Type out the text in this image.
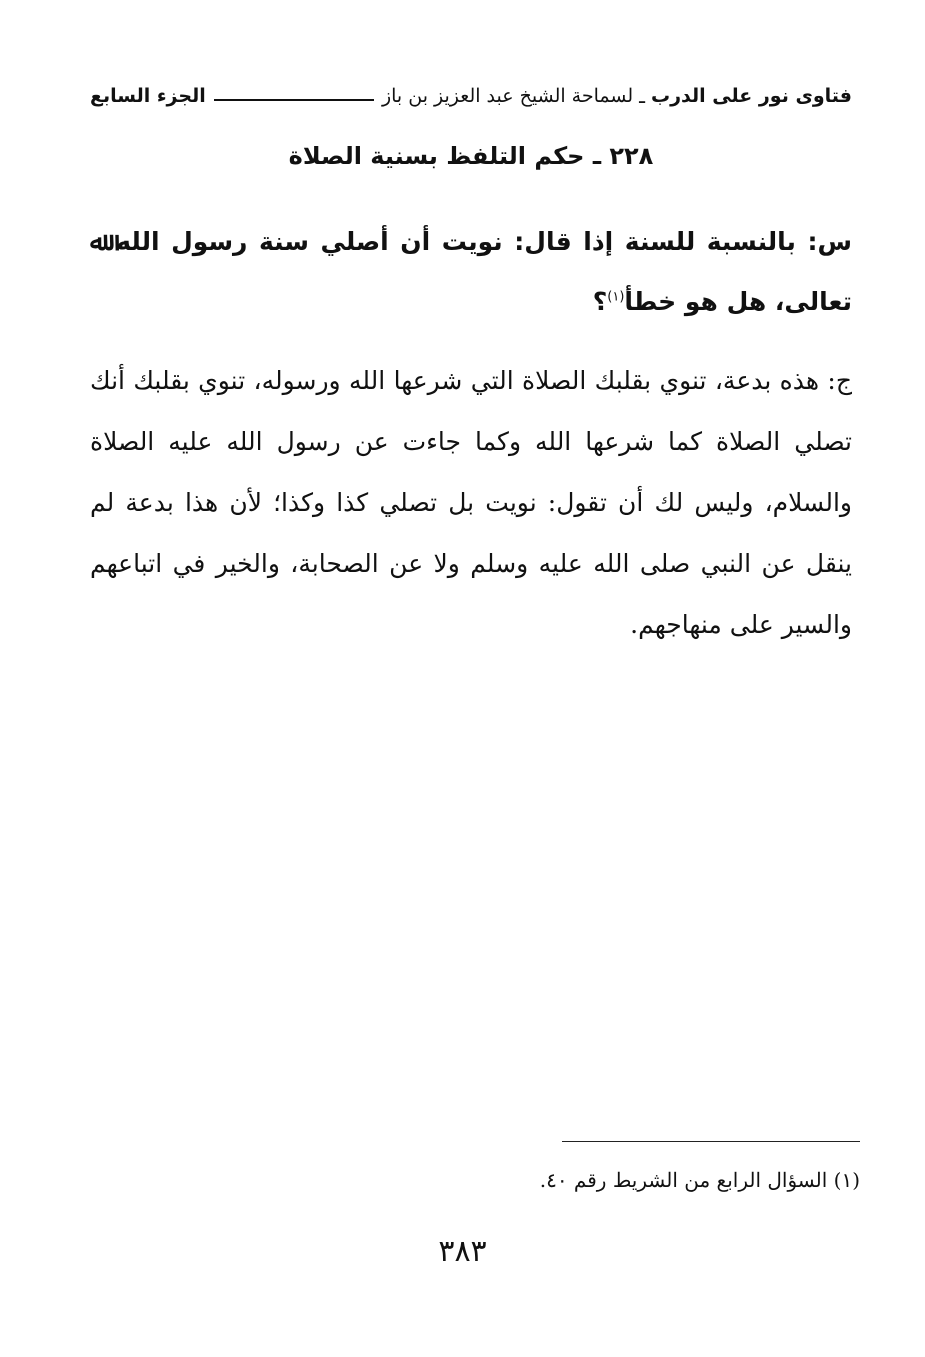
فتاوى نور على الدرب
ـ
لسماحة الشيخ عبد العزيز بن باز
الجزء السابع
٢٢٨ ـ حكم التلفظ بسنية الصلاة
س: بالنسبة للسنة إذا قال: نويت أن أصلي سنة رسول الله ﷲ تعالى، هل هو خطأ$^{(١)}$؟
ج: هذه بدعة، تنوي بقلبك الصلاة التي شرعها الله ورسوله، تنوي بقلبك أنك تصلي الصلاة كما شرعها الله وكما جاءت عن رسول الله عليه الصلاة والسلام، وليس لك أن تقول: نويت بل تصلي كذا وكذا؛ لأن هذا بدعة لم ينقل عن النبي صلى الله عليه وسلم ولا عن الصحابة، والخير في اتباعهم والسير على منهاجهم.
(١) السؤال الرابع من الشريط رقم ٤٠.
٣٨٣
